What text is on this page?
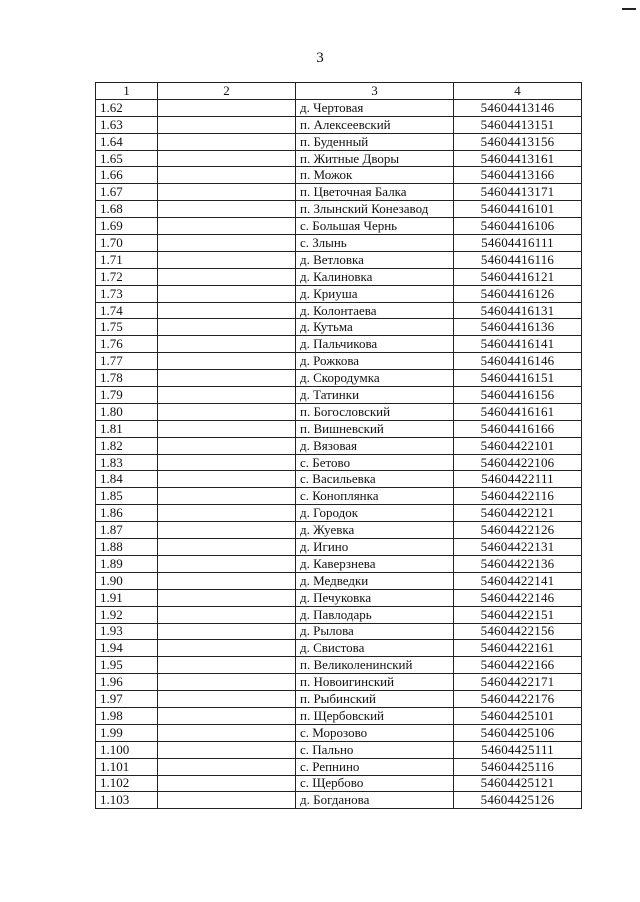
3
1	2	3	4
1.62		д. Чертовая	54604413146
1.63		п. Алексеевский	54604413151
1.64		п. Буденный	54604413156
1.65		п. Житные Дворы	54604413161
1.66		п. Можок	54604413166
1.67		п. Цветочная Балка	54604413171
1.68		п. Злынский Конезавод	54604416101
1.69		с. Большая Чернь	54604416106
1.70		с. Злынь	54604416111
1.71		д. Ветловка	54604416116
1.72		д. Калиновка	54604416121
1.73		д. Криуша	54604416126
1.74		д. Колонтаева	54604416131
1.75		д. Кутьма	54604416136
1.76		д. Пальчикова	54604416141
1.77		д. Рожкова	54604416146
1.78		д. Скородумка	54604416151
1.79		д. Татинки	54604416156
1.80		п. Богословский	54604416161
1.81		п. Вишневский	54604416166
1.82		д. Вязовая	54604422101
1.83		с. Бетово	54604422106
1.84		с. Васильевка	54604422111
1.85		с. Коноплянка	54604422116
1.86		д. Городок	54604422121
1.87		д. Жуевка	54604422126
1.88		д. Игино	54604422131
1.89		д. Каверзнева	54604422136
1.90		д. Медведки	54604422141
1.91		д. Печуковка	54604422146
1.92		д. Павлодарь	54604422151
1.93		д. Рылова	54604422156
1.94		д. Свистова	54604422161
1.95		п. Великоленинский	54604422166
1.96		п. Новоигинский	54604422171
1.97		п. Рыбинский	54604422176
1.98		п. Щербовский	54604425101
1.99		с. Морозово	54604425106
1.100		с. Пально	54604425111
1.101		с. Репнино	54604425116
1.102		с. Щербово	54604425121
1.103		д. Богданова	54604425126
